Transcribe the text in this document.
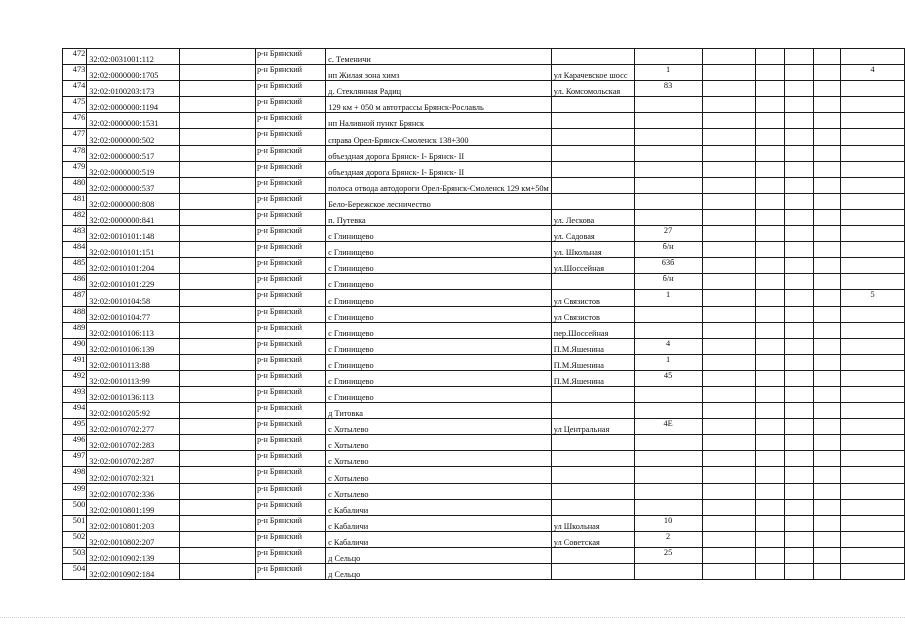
472	32:02:0031001:112		р-н Брянский	с. Теменичи							
473	32:02:0000000:1705		р-н Брянский	нп Жилая зона химз	ул Карачевское шосс	1					4
474	32:02:0100203:173		р-н Брянский	д. Стеклянная Радиц	ул. Комсомольская	83					
475	32:02:0000000:1194		р-н Брянский	129 км + 050 м автотрассы Брянск-Рославль							
476	32:02:0000000:1531		р-н Брянский	нп Наливной пункт Брянск							
477	32:02:0000000:502		р-н Брянский	справа Орел-Брянск-Смоленск 138+300							
478	32:02:0000000:517		р-н Брянский	объездная дорога Брянск- I- Брянск- II							
479	32:02:0000000:519		р-н Брянский	объездная дорога Брянск- I- Брянск- II							
480	32:02:0000000:537		р-н Брянский	полоса отвода автодороги Орел-Брянск-Смоленск 129 км+50м							
481	32:02:0000000:808		р-н Брянский	Бело-Бережское лесничество							
482	32:02:0000000:841		р-н Брянский	п. Путевка	ул. Лескова						
483	32:02:0010101:148		р-н Брянский	с Глинищево	ул. Садовая	27					
484	32:02:0010101:151		р-н Брянский	с Глинищево	ул. Школьная	б/н					
485	32:02:0010101:204		р-н Брянский	с Глинищево	ул.Шоссейная	63б					
486	32:02:0010101:229		р-н Брянский	с Глинищево		б/н					
487	32:02:0010104:58		р-н Брянский	с Глинищево	ул Связистов	1					5
488	32:02:0010104:77		р-н Брянский	с Глинищево	ул Связистов						
489	32:02:0010106:113		р-н Брянский	с Глинищево	пер.Шоссейная						
490	32:02:0010106:139		р-н Брянский	с Глинищево	П.М.Яшенина	4					
491	32:02:0010113:88		р-н Брянский	с Глинищево	П.М.Яшенина	1					
492	32:02:0010113:99		р-н Брянский	с Глинищево	П.М.Яшенина	45					
493	32:02:0010136:113		р-н Брянский	с Глинищево							
494	32:02:0010205:92		р-н Брянский	д Титовка							
495	32:02:0010702:277		р-н Брянский	с Хотылево	ул Центральная	4Е					
496	32:02:0010702:283		р-н Брянский	с Хотылево							
497	32:02:0010702:287		р-н Брянский	с Хотылево							
498	32:02:0010702:321		р-н Брянский	с Хотылево							
499	32:02:0010702:336		р-н Брянский	с Хотылево							
500	32:02:0010801:199		р-н Брянский	с Кабаличи							
501	32:02:0010801:203		р-н Брянский	с Кабаличи	ул Школьная	10					
502	32:02:0010802:207		р-н Брянский	с Кабаличи	ул Советская	2					
503	32:02:0010902:139		р-н Брянский	д Сельцо		25					
504	32:02:0010902:184		р-н Брянский	д Сельцо							
